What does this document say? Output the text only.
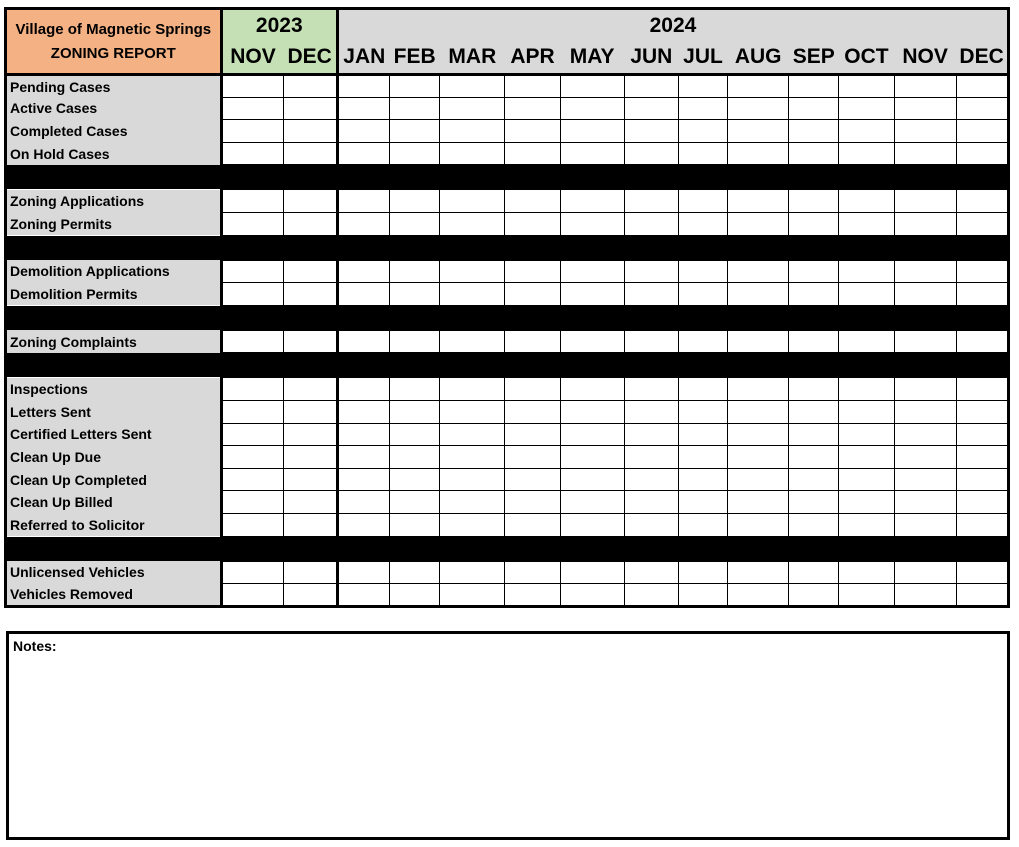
Village of Magnetic Springs ZONING REPORT	2023		2024											
	NOV	DEC	JAN	FEB	MAR	APR	MAY	JUN	JUL	AUG	SEP	OCT	NOV	DEC
Pending Cases														
Active Cases														
Completed Cases														
On Hold Cases														

Zoning Applications														
Zoning Permits														

Demolition Applications														
Demolition Permits														

Zoning Complaints														

Inspections														
Letters Sent														
Certified Letters Sent														
Clean Up Due														
Clean Up Completed														
Clean Up Billed														
Referred to Solicitor														

Unlicensed Vehicles														
Vehicles Removed														
Notes:
